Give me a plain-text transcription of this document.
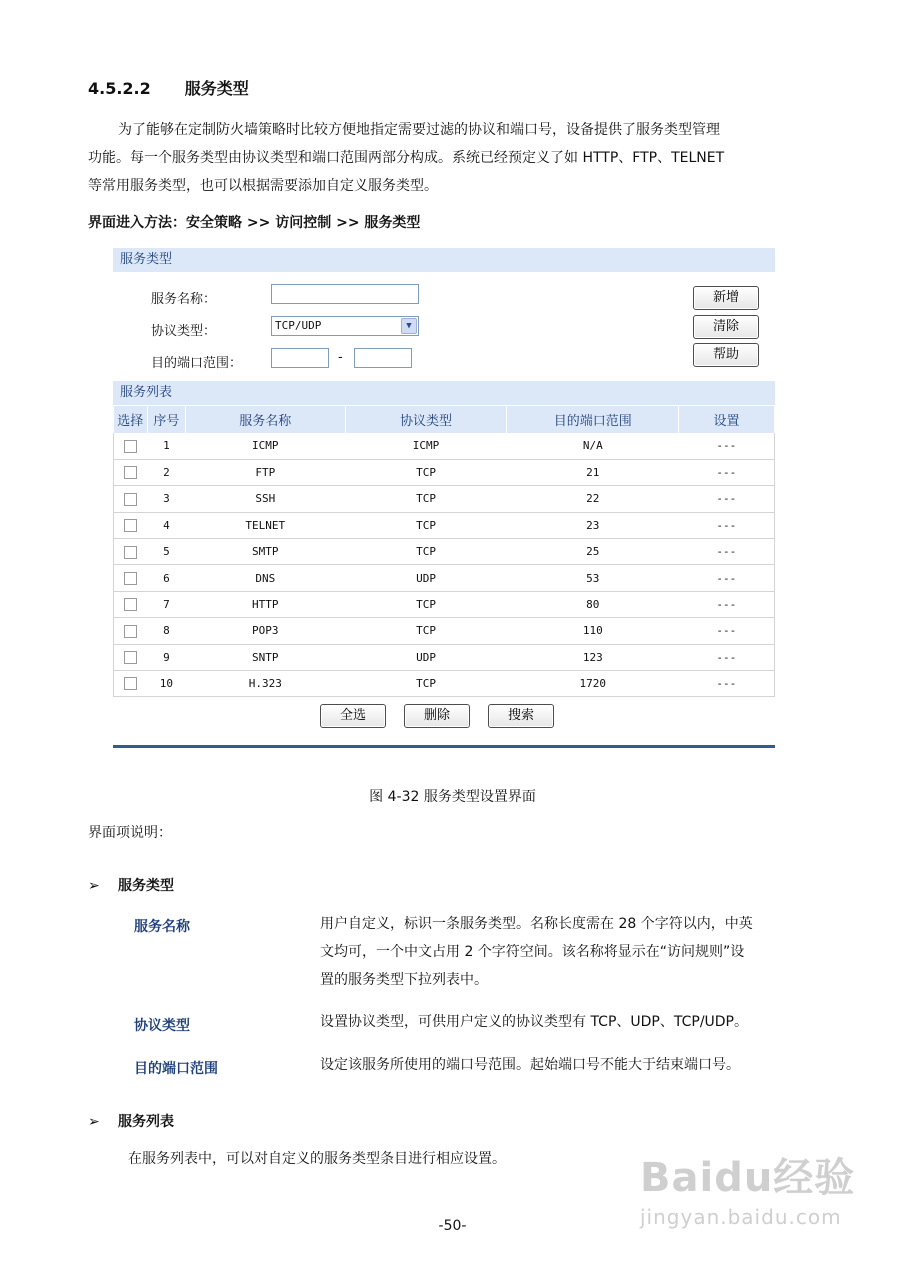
4.5.2.2 服务类型
为了能够在定制防火墙策略时比较方便地指定需要过滤的协议和端口号，设备提供了服务类型管理
功能。每一个服务类型由协议类型和端口范围两部分构成。系统已经预定义了如 HTTP、FTP、TELNET
等常用服务类型，也可以根据需要添加自定义服务类型。
界面进入方法：安全策略 >> 访问控制 >> 服务类型
服务类型
服务名称：
协议类型：	TCP/UDP	▼
目的端口范围：	-
新增
清除
帮助
服务列表
选择	序号	服务名称	协议类型	目的端口范围	设置
	1	ICMP	ICMP	N/A	---
	2	FTP	TCP	21	---
	3	SSH	TCP	22	---
	4	TELNET	TCP	23	---
	5	SMTP	TCP	25	---
	6	DNS	UDP	53	---
	7	HTTP	TCP	80	---
	8	POP3	TCP	110	---
	9	SNTP	UDP	123	---
	10	H.323	TCP	1720	---
全选	删除	搜索
图 4-32 服务类型设置界面
界面项说明：
➢ 服务类型
服务名称	用户自定义，标识一条服务类型。名称长度需在 28 个字符以内，中英
文均可，一个中文占用 2 个字符空间。该名称将显示在“访问规则”设
置的服务类型下拉列表中。
协议类型	设置协议类型，可供用户定义的协议类型有 TCP、UDP、TCP/UDP。
目的端口范围	设定该服务所使用的端口号范围。起始端口号不能大于结束端口号。
➢ 服务列表
在服务列表中，可以对自定义的服务类型条目进行相应设置。	Baidu经验
jingyan.baidu.com
-50-
